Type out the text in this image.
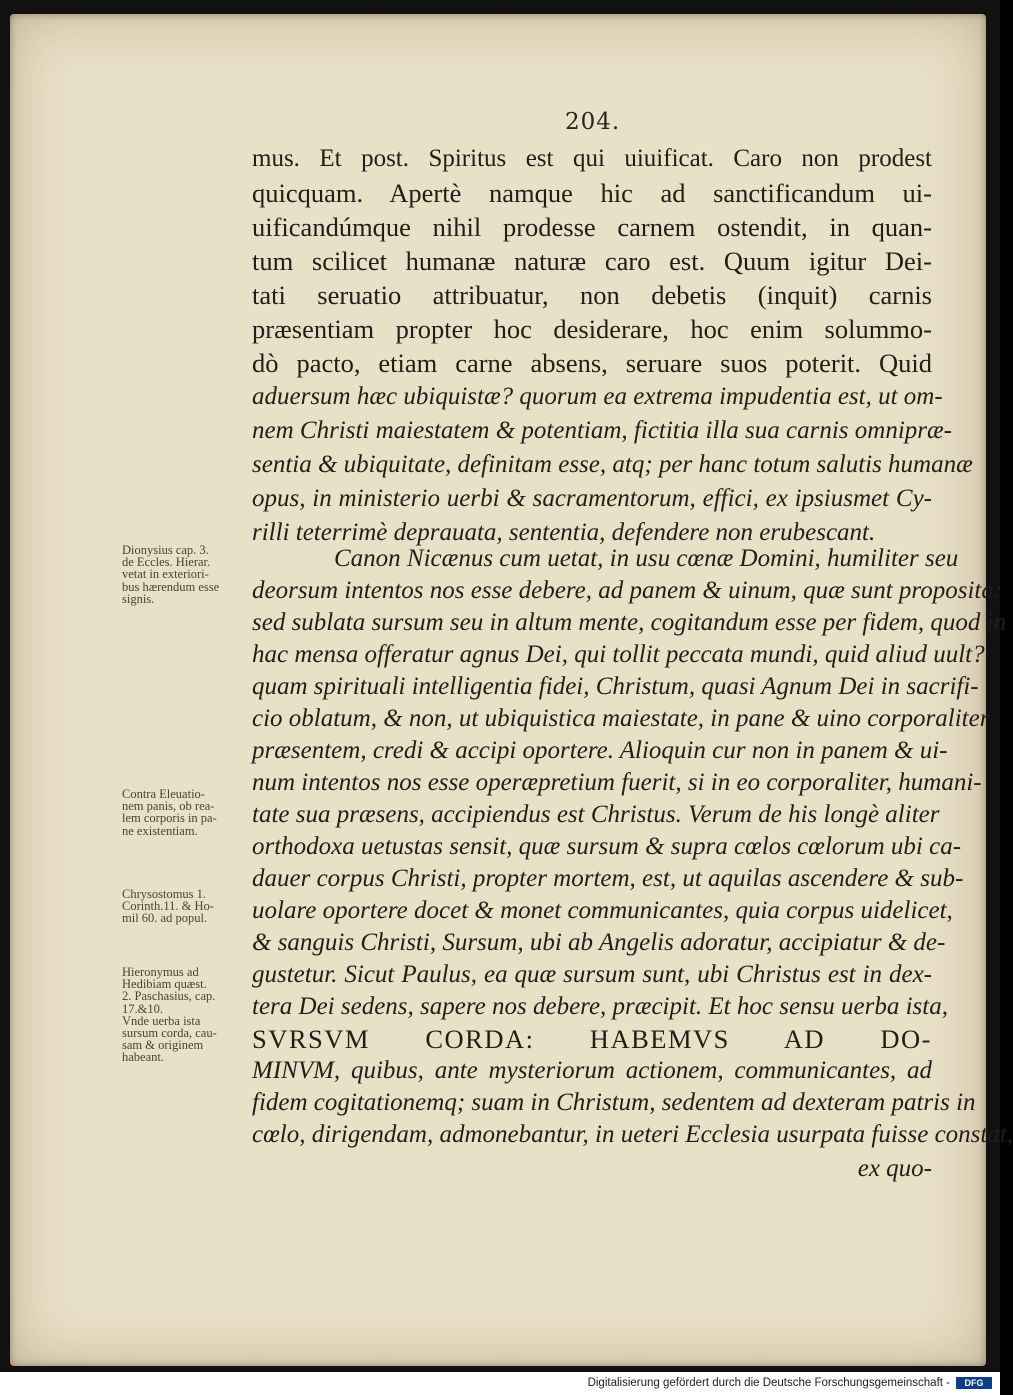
204.
mus. Et post. Spiritus est qui uiuificat. Caro non prodest
quicquam. Apertè namque hic ad sanctificandum ui-
uificandúmque nihil prodesse carnem ostendit, in quan-
tum scilicet humanæ naturæ caro est. Quum igitur Dei-
tati seruatio attribuatur, non debetis (inquit) carnis
præsentiam propter hoc desiderare, hoc enim solummo-
dò pacto, etiam carne absens, seruare suos poterit. Quid
aduersum hæc ubiquistæ? quorum ea extrema impudentia est, ut om-
nem Christi maiestatem & potentiam, fictitia illa sua carnis omnipræ-
sentia & ubiquitate, definitam esse, atq; per hanc totum salutis humanæ
opus, in ministerio uerbi & sacramentorum, effici, ex ipsiusmet Cy-
rilli teterrimè deprauata, sententia, defendere non erubescant.
Canon Nicænus cum uetat, in usu cœnæ Domini, humiliter seu
deorsum intentos nos esse debere, ad panem & uinum, quæ sunt proposita:
sed sublata sursum seu in altum mente, cogitandum esse per fidem, quod in
hac mensa offeratur agnus Dei, qui tollit peccata mundi, quid aliud uult?
quam spirituali intelligentia fidei, Christum, quasi Agnum Dei in sacrifi-
cio oblatum, & non, ut ubiquistica maiestate, in pane & uino corporaliter
præsentem, credi & accipi oportere. Alioquin cur non in panem & ui-
num intentos nos esse operæpretium fuerit, si in eo corporaliter, humani-
tate sua præsens, accipiendus est Christus. Verum de his longè aliter
orthodoxa uetustas sensit, quæ sursum & supra cœlos cœlorum ubi ca-
dauer corpus Christi, propter mortem, est, ut aquilas ascendere & sub-
uolare oportere docet & monet communicantes, quia corpus uidelicet,
& sanguis Christi, Sursum, ubi ab Angelis adoratur, accipiatur & de-
gustetur. Sicut Paulus, ea quæ sursum sunt, ubi Christus est in dex-
tera Dei sedens, sapere nos debere, præcipit. Et hoc sensu uerba ista,
SVRSVM CORDA: HABEMVS AD DO-
MINVM, quibus, ante mysteriorum actionem, communicantes, ad
fidem cogitationemq; suam in Christum, sedentem ad dexteram patris in
cœlo, dirigendam, admonebantur, in ueteri Ecclesia usurpata fuisse constat,
ex quo-
Dionysius cap. 3.
de Eccles. Hierar.
vetat in exteriori-
bus hærendum esse
signis.
Contra Eleuatio-
nem panis, ob rea-
lem corporis in pa-
ne existentiam.
Chrysostomus 1.
Corinth.11. & Ho-
mil 60. ad popul.
Hieronymus ad
Hedibiam quæst.
2. Paschasius, cap.
17.&10.
Vnde uerba ista
sursum corda, cau-
sam & originem
habeant.
Digitalisierung gefördert durch die Deutsche Forschungsgemeinschaft -	DFG
